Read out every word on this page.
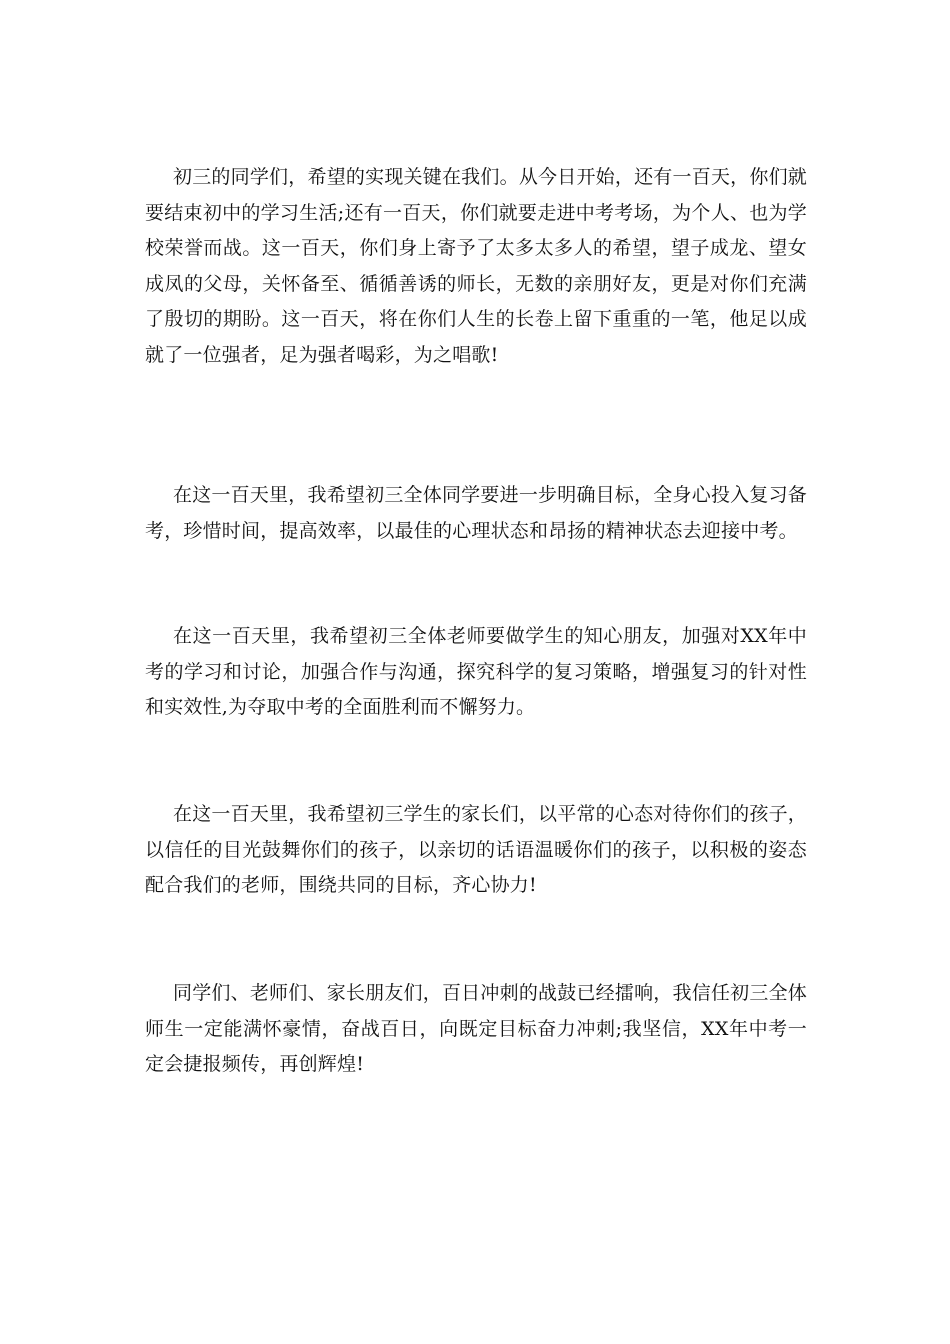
初三的同学们，希望的实现关键在我们。从今日开始，还有一百天，你们就要结束初中的学习生活;还有一百天，你们就要走进中考考场，为个人、也为学校荣誉而战。这一百天，你们身上寄予了太多太多人的希望，望子成龙、望女成凤的父母，关怀备至、循循善诱的师长，无数的亲朋好友，更是对你们充满了殷切的期盼。这一百天，将在你们人生的长卷上留下重重的一笔，他足以成就了一位强者，足为强者喝彩，为之唱歌!

在这一百天里，我希望初三全体同学要进一步明确目标，全身心投入复习备考，珍惜时间，提高效率，以最佳的心理状态和昂扬的精神状态去迎接中考。

在这一百天里，我希望初三全体老师要做学生的知心朋友，加强对XX年中考的学习和讨论，加强合作与沟通，探究科学的复习策略，增强复习的针对性和实效性,为夺取中考的全面胜利而不懈努力。

在这一百天里，我希望初三学生的家长们，以平常的心态对待你们的孩子，以信任的目光鼓舞你们的孩子，以亲切的话语温暖你们的孩子，以积极的姿态配合我们的老师，围绕共同的目标，齐心协力!

同学们、老师们、家长朋友们，百日冲刺的战鼓已经擂响，我信任初三全体师生一定能满怀豪情，奋战百日，向既定目标奋力冲刺;我坚信，XX年中考一定会捷报频传，再创辉煌!
